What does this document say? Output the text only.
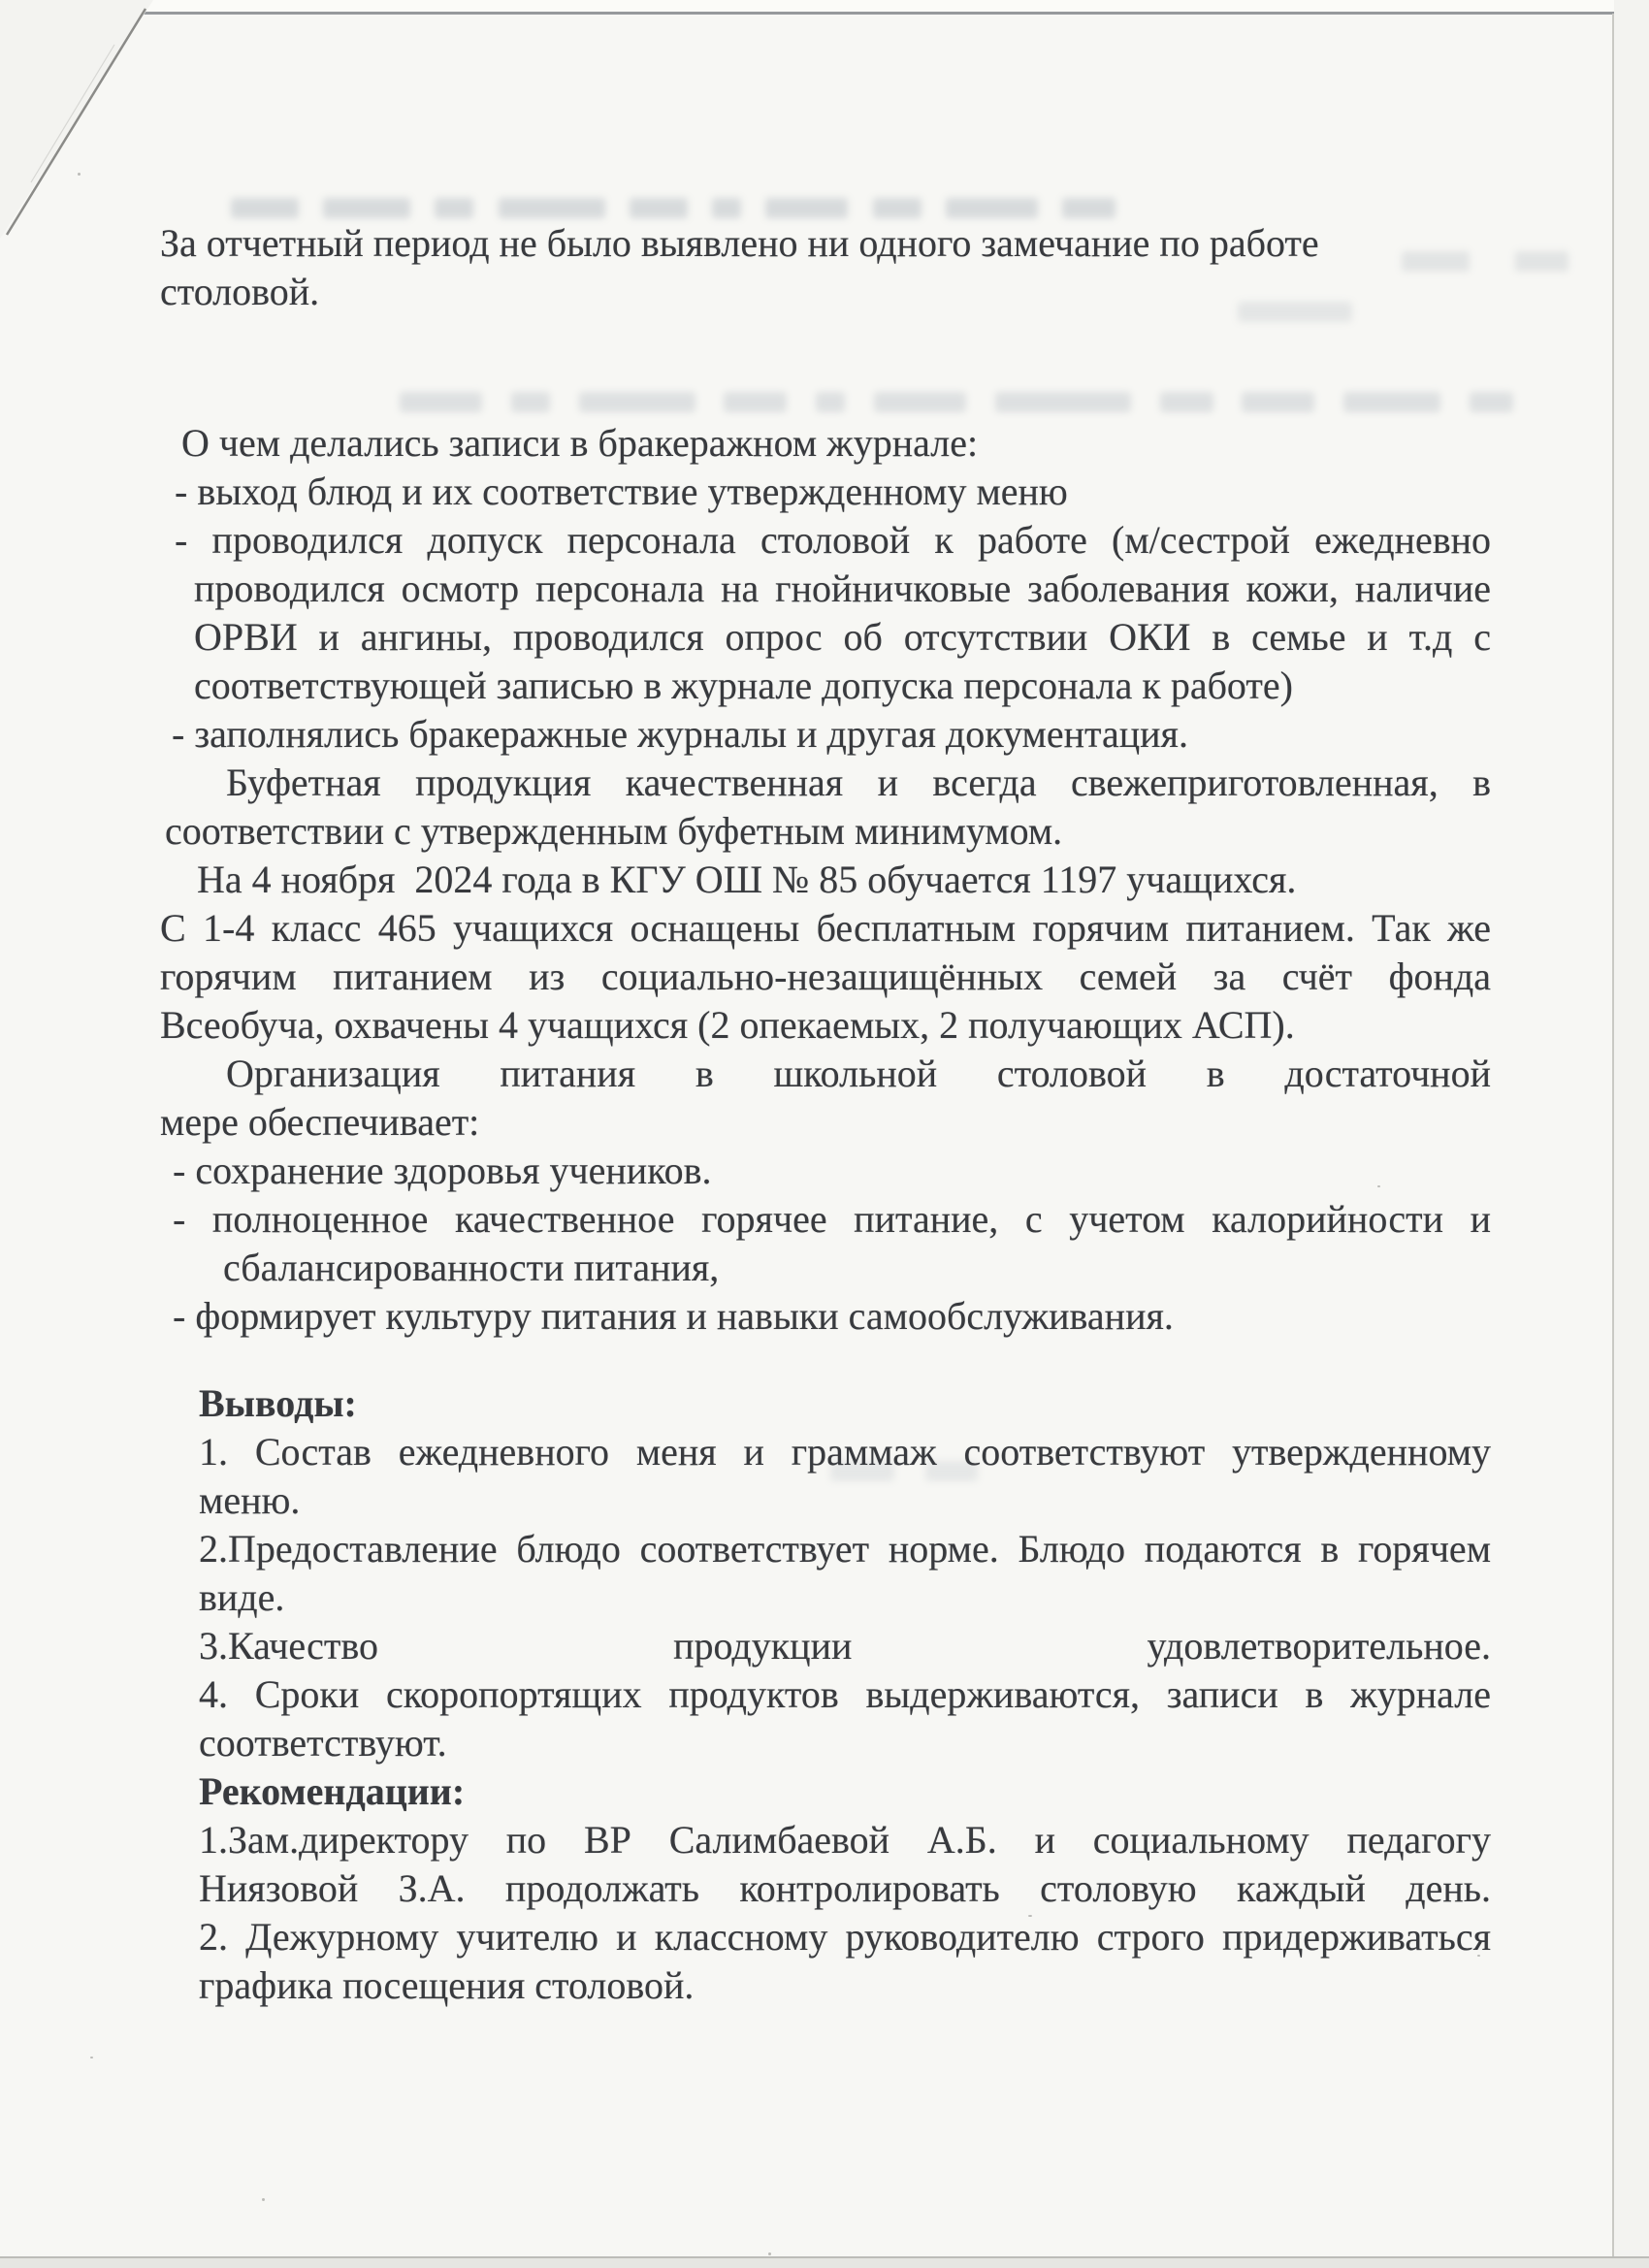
За отчетный период не было выявлено ни одного замечание по работе
столовой.
О чем делались записи в бракеражном журнале:
- выход блюд и их соответствие утвержденному меню
- проводился допуск персонала столовой к работе (м/сестрой ежедневно
проводился осмотр персонала на гнойничковые заболевания кожи, наличие
ОРВИ и ангины, проводился опрос об отсутствии ОКИ в семье и т.д с
соответствующей записью в журнале допуска персонала к работе)
- заполнялись бракеражные журналы и другая документация.
Буфетная продукция качественная и всегда свежеприготовленная, в
соответствии с утвержденным буфетным минимумом.
На 4 ноября  2024 года в КГУ ОШ № 85 обучается 1197 учащихся.
С 1-4 класс 465 учащихся оснащены бесплатным горячим питанием. Так же
горячим питанием из социально-незащищённых семей за счёт фонда
Всеобуча, охвачены 4 учащихся (2 опекаемых, 2 получающих АСП).
Организация питания в школьной столовой в достаточной
мере обеспечивает:
- сохранение здоровья учеников.
- полноценное качественное горячее питание, с учетом калорийности и
сбалансированности питания,
- формирует культуру питания и навыки самообслуживания.
Выводы:
1. Состав ежедневного меня и граммаж соответствуют утвержденному
меню.
2.Предоставление блюдо соответствует норме. Блюдо подаются в горячем
виде.
3.Качество продукции удовлетворительное.
4. Сроки скоропортящих продуктов выдерживаются, записи в журнале
соответствуют.
Рекомендации:
1.Зам.директору по ВР Салимбаевой А.Б. и социальному педагогу
Ниязовой З.А. продолжать контролировать столовую каждый день.
2. Дежурному учителю и классному руководителю строго придерживаться
графика посещения столовой.
